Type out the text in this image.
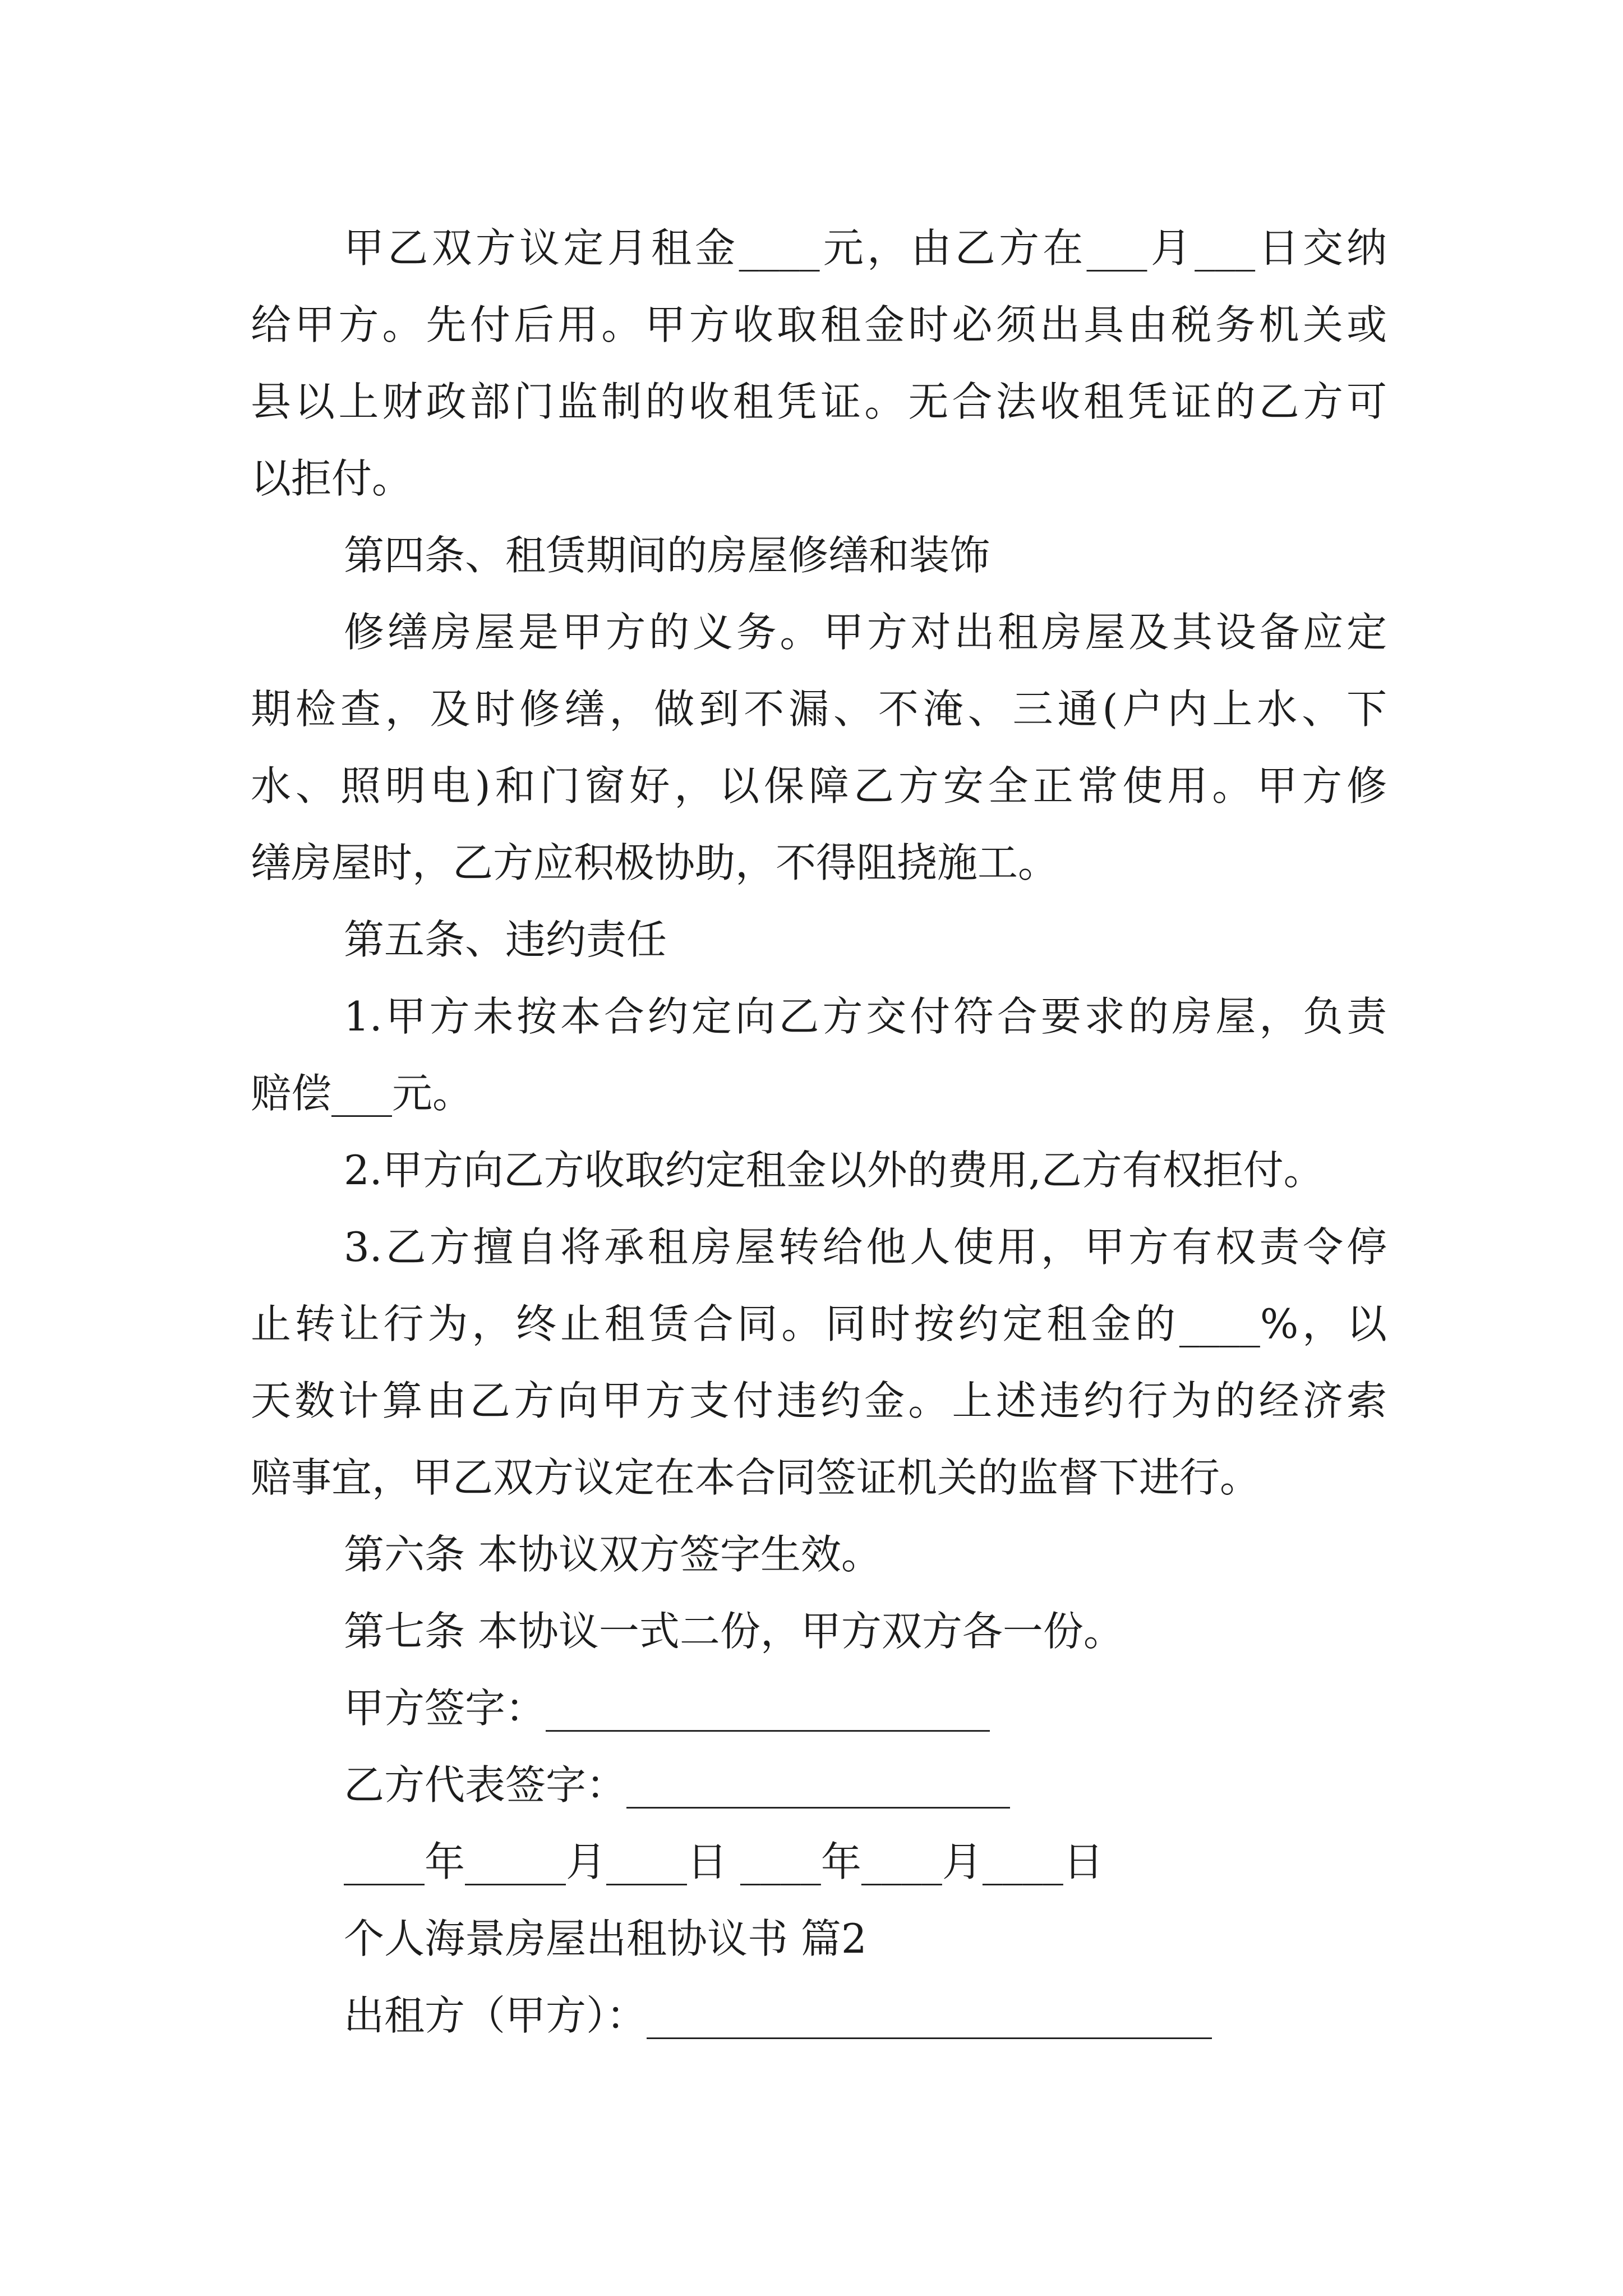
甲乙双方议定月租金____元，由乙方在___月___日交纳
给甲方。先付后用。甲方收取租金时必须出具由税务机关或
县以上财政部门监制的收租凭证。无合法收租凭证的乙方可
以拒付。
第四条、租赁期间的房屋修缮和装饰
修缮房屋是甲方的义务。甲方对出租房屋及其设备应定
期检查，及时修缮，做到不漏、不淹、三通(户内上水、下
水、照明电)和门窗好，以保障乙方安全正常使用。甲方修
缮房屋时，乙方应积极协助，不得阻挠施工。
第五条、违约责任
1.甲方未按本合约定向乙方交付符合要求的房屋，负责
赔偿___元。
2.甲方向乙方收取约定租金以外的费用,乙方有权拒付。
3.乙方擅自将承租房屋转给他人使用，甲方有权责令停
止转让行为，终止租赁合同。同时按约定租金的____%，以
天数计算由乙方向甲方支付违约金。上述违约行为的经济索
赔事宜，甲乙双方议定在本合同签证机关的监督下进行。
第六条 本协议双方签字生效。
第七条 本协议一式二份，甲方双方各一份。
甲方签字：______________________
乙方代表签字：___________________
____年_____月____日 ____年____月____日
个人海景房屋出租协议书 篇2
出租方（甲方）：____________________________
